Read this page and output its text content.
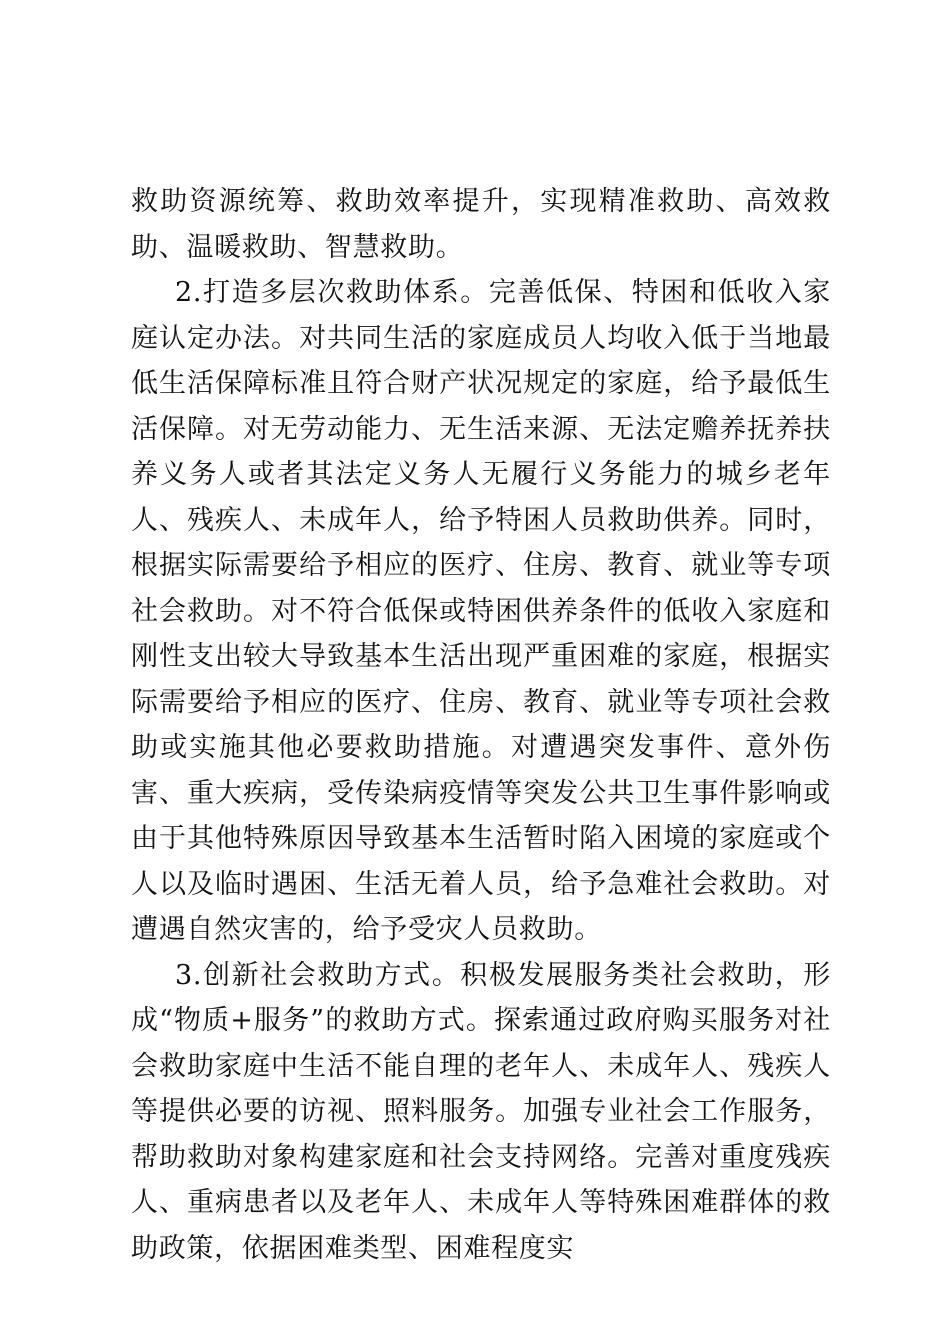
救助资源统筹、救助效率提升，实现精准救助、高效救助、温暖救助、智慧救助。

2.打造多层次救助体系。完善低保、特困和低收入家庭认定办法。对共同生活的家庭成员人均收入低于当地最低生活保障标准且符合财产状况规定的家庭，给予最低生活保障。对无劳动能力、无生活来源、无法定赡养抚养扶养义务人或者其法定义务人无履行义务能力的城乡老年人、残疾人、未成年人，给予特困人员救助供养。同时，根据实际需要给予相应的医疗、住房、教育、就业等专项社会救助。对不符合低保或特困供养条件的低收入家庭和刚性支出较大导致基本生活出现严重困难的家庭，根据实际需要给予相应的医疗、住房、教育、就业等专项社会救助或实施其他必要救助措施。对遭遇突发事件、意外伤害、重大疾病，受传染病疫情等突发公共卫生事件影响或由于其他特殊原因导致基本生活暂时陷入困境的家庭或个人以及临时遇困、生活无着人员，给予急难社会救助。对遭遇自然灾害的，给予受灾人员救助。

3.创新社会救助方式。积极发展服务类社会救助，形成“物质+服务”的救助方式。探索通过政府购买服务对社会救助家庭中生活不能自理的老年人、未成年人、残疾人等提供必要的访视、照料服务。加强专业社会工作服务，帮助救助对象构建家庭和社会支持网络。完善对重度残疾人、重病患者以及老年人、未成年人等特殊困难群体的救助政策，依据困难类型、困难程度实
